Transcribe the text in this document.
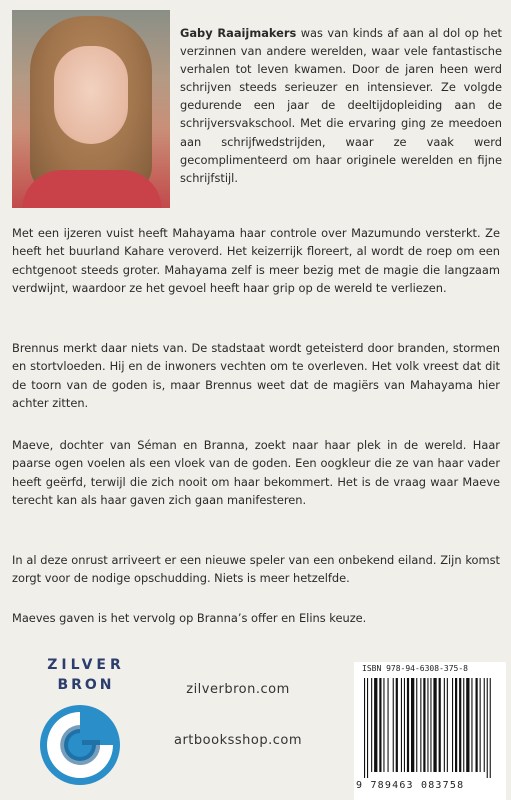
Gaby Raaijmakers was van kinds af aan al dol op het verzinnen van andere werelden, waar vele fantastische verhalen tot leven kwamen. Door de jaren heen werd schrijven steeds serieuzer en intensiever. Ze volgde gedurende een jaar de deeltijdopleiding aan de schrijversvakschool. Met die ervaring ging ze meedoen aan schrijfwedstrijden, waar ze vaak werd gecomplimenteerd om haar originele werelden en fijne schrijfstijl.

Met een ijzeren vuist heeft Mahayama haar controle over Mazumundo versterkt. Ze heeft het buurland Kahare veroverd. Het keizerrijk floreert, al wordt de roep om een echtgenoot steeds groter. Mahayama zelf is meer bezig met de magie die langzaam verdwijnt, waardoor ze het gevoel heeft haar grip op de wereld te verliezen.

Brennus merkt daar niets van. De stadstaat wordt geteisterd door branden, stormen en stortvloeden. Hij en de inwoners vechten om te overleven. Het volk vreest dat dit de toorn van de goden is, maar Brennus weet dat de magiërs van Mahayama hier achter zitten.

Maeve, dochter van Séman en Branna, zoekt naar haar plek in de wereld. Haar paarse ogen voelen als een vloek van de goden. Een oogkleur die ze van haar vader heeft geërfd, terwijl die zich nooit om haar bekommert. Het is de vraag waar Maeve terecht kan als haar gaven zich gaan manifesteren.

In al deze onrust arriveert er een nieuwe speler van een onbekend eiland. Zijn komst zorgt voor de nodige opschudding. Niets is meer hetzelfde.

Maeves gaven is het vervolg op Branna’s offer en Elins keuze.

ZILVER
BRON	zilverbron.com
artbooksshop.com
ISBN 978-94-6308-375-8
9 789463 083758
